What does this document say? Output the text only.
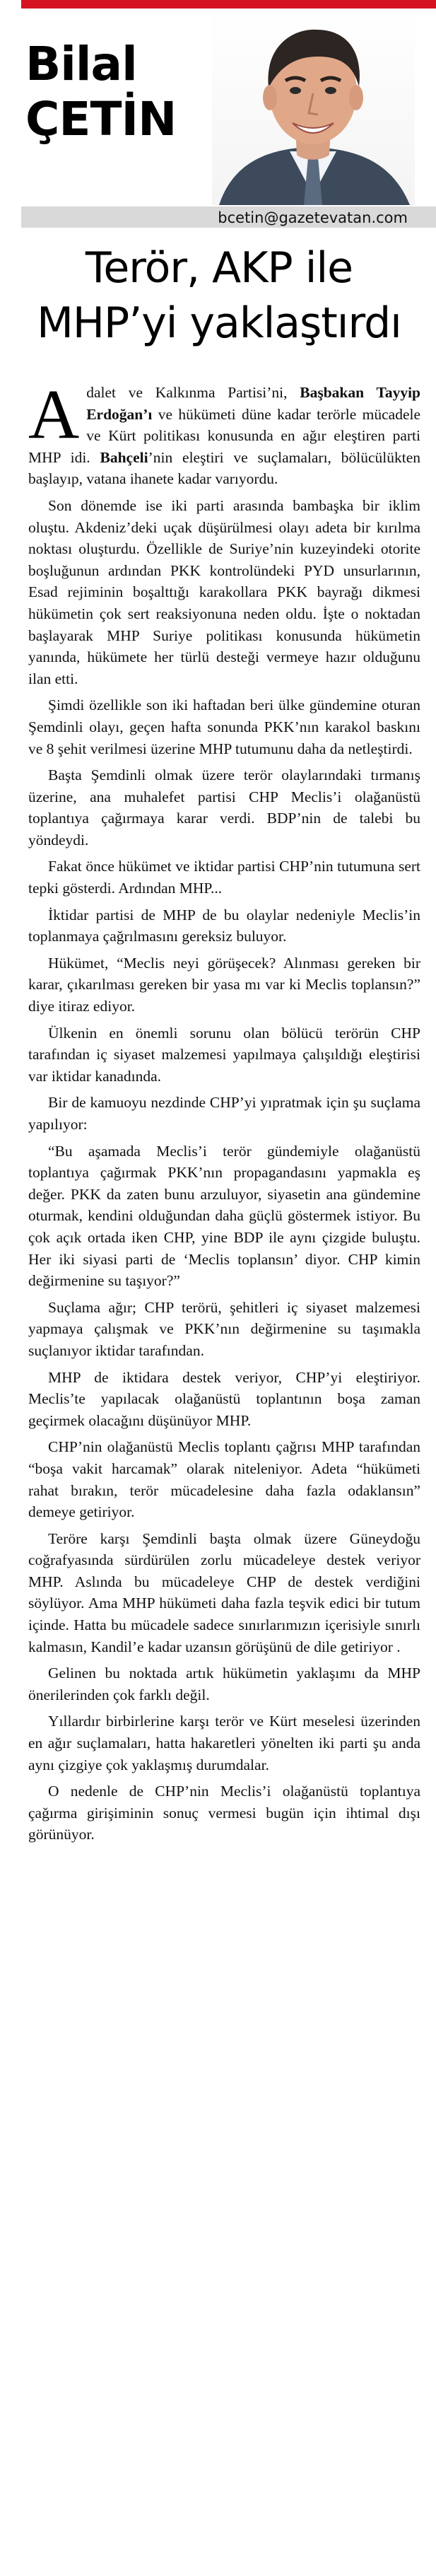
Bilal
ÇETİN
bcetin@gazetevatan.com
Terör, AKP ile
MHP’yi yaklaştırdı

Adalet ve Kalkınma Partisi’ni, Başbakan Tayyip Erdoğan’ı ve hükümeti düne kadar terörle mücadele ve Kürt politikası konusunda en ağır eleştiren parti MHP idi. Bahçeli’nin eleştiri ve suçlamaları, bölücülükten başlayıp, vatana ihanete kadar varıyordu.

Son dönemde ise iki parti arasında bambaşka bir iklim oluştu. Akdeniz’deki uçak düşürülmesi olayı adeta bir kırılma noktası oluşturdu. Özellikle de Suriye’nin kuzeyindeki otorite boşluğunun ardından PKK kontrolündeki PYD unsurlarının, Esad rejiminin boşalttığı karakollara PKK bayrağı dikmesi hükümetin çok sert reaksiyonuna neden oldu. İşte o noktadan başlayarak MHP Suriye politikası konusunda hükümetin yanında, hükümete her türlü desteği vermeye hazır olduğunu ilan etti.

Şimdi özellikle son iki haftadan beri ülke gündemine oturan Şemdinli olayı, geçen hafta sonunda PKK’nın karakol baskını ve 8 şehit verilmesi üzerine MHP tutumunu daha da netleştirdi.

Başta Şemdinli olmak üzere terör olaylarındaki tırmanış üzerine, ana muhalefet partisi CHP Meclis’i olağanüstü toplantıya çağırmaya karar verdi. BDP’nin de talebi bu yöndeydi.

Fakat önce hükümet ve iktidar partisi CHP’nin tutumuna sert tepki gösterdi. Ardından MHP...

İktidar partisi de MHP de bu olaylar nedeniyle Meclis’in toplanmaya çağrılmasını gereksiz buluyor.

Hükümet, “Meclis neyi görüşecek? Alınması gereken bir karar, çıkarılması gereken bir yasa mı var ki Meclis toplansın?” diye itiraz ediyor.

Ülkenin en önemli sorunu olan bölücü terörün CHP tarafından iç siyaset malzemesi yapılmaya çalışıldığı eleştirisi var iktidar kanadında.

Bir de kamuoyu nezdinde CHP’yi yıpratmak için şu suçlama yapılıyor:

“Bu aşamada Meclis’i terör gündemiyle olağanüstü toplantıya çağırmak PKK’nın propagandasını yapmakla eş değer. PKK da zaten bunu arzuluyor, siyasetin ana gündemine oturmak, kendini olduğundan daha güçlü göstermek istiyor. Bu çok açık ortada iken CHP, yine BDP ile aynı çizgide buluştu. Her iki siyasi parti de ‘Meclis toplansın’ diyor. CHP kimin değirmenine su taşıyor?”

Suçlama ağır; CHP terörü, şehitleri iç siyaset malzemesi yapmaya çalışmak ve PKK’nın değirmenine su taşımakla suçlanıyor iktidar tarafından.

MHP de iktidara destek veriyor, CHP’yi eleştiriyor. Meclis’te yapılacak olağanüstü toplantının boşa zaman geçirmek olacağını düşünüyor MHP.

CHP’nin olağanüstü Meclis toplantı çağrısı MHP tarafından “boşa vakit harcamak” olarak niteleniyor. Adeta “hükümeti rahat bırakın, terör mücadelesine daha fazla odaklansın” demeye getiriyor.

Teröre karşı Şemdinli başta olmak üzere Güneydoğu coğrafyasında sürdürülen zorlu mücadeleye destek veriyor MHP. Aslında bu mücadeleye CHP de destek verdiğini söylüyor. Ama MHP hükümeti daha fazla teşvik edici bir tutum içinde. Hatta bu mücadele sadece sınırlarımızın içerisiyle sınırlı kalmasın, Kandil’e kadar uzansın görüşünü de dile getiriyor .

Gelinen bu noktada artık hükümetin yaklaşımı da MHP önerilerinden çok farklı değil.

Yıllardır birbirlerine karşı terör ve Kürt meselesi üzerinden en ağır suçlamaları, hatta hakaretleri yönelten iki parti şu anda aynı çizgiye çok yaklaşmış durumdalar.

O nedenle de CHP’nin Meclis’i olağanüstü toplantıya çağırma girişiminin sonuç vermesi bugün için ihtimal dışı görünüyor.
